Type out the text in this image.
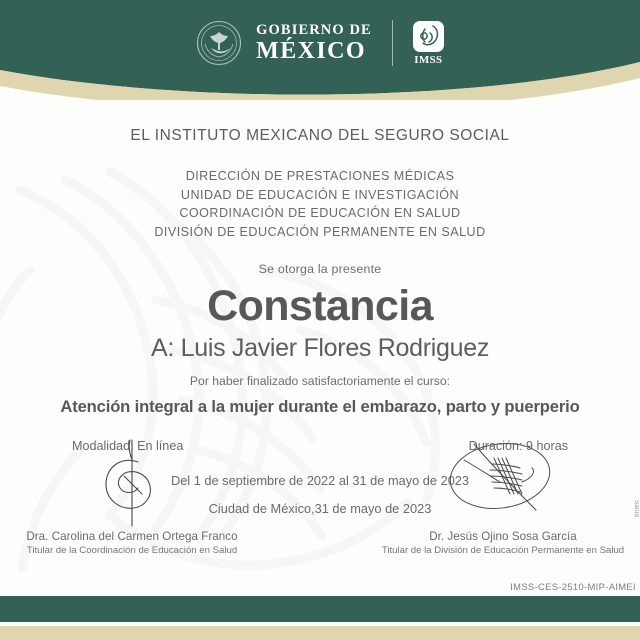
GOBIERNO DE
MÉXICO	IMSS
EL INSTITUTO MEXICANO DEL SEGURO SOCIAL
DIRECCIÓN DE PRESTACIONES MÉDICAS
UNIDAD DE EDUCACIÓN E INVESTIGACIÓN
COORDINACIÓN DE EDUCACIÓN EN SALUD
DIVISIÓN DE EDUCACIÓN PERMANENTE EN SALUD
Se otorga la presente
Constancia
A: Luis Javier Flores Rodriguez
Por haber finalizado satisfactoriamente el curso:
Atención integral a la mujer durante el embarazo, parto y puerperio
Modalidad: En línea	Duración: 9 horas
Del 1 de septiembre de 2022 al 31 de mayo de 2023
Ciudad de México,31 de mayo de 2023
Dra. Carolina del Carmen Ortega Franco
Titular de la Coordinación de Educación en Salud
Dr. Jesús Ojino Sosa García
Titular de la División de Educación Permanente en Salud
Salud
IMSS-CES-2510-MIP-AIMEI
